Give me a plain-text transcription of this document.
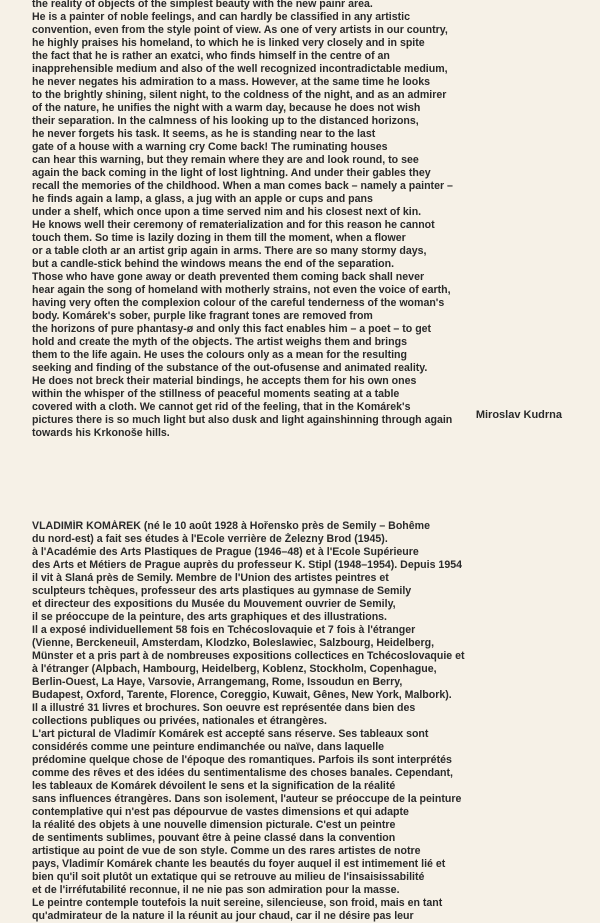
the reality of objects of the simplest beauty with the new painr area.
He is a painter of noble feelings, and can hardly be classified in any artistic
convention, even from the style point of view. As one of very artists in our country,
he highly praises his homeland, to which he is linked very closely and in spite
the fact that he is rather an exatci, who finds himself in the centre of an
inapprehensible medium and also of the well recognized incontradictable medium,
he never negates his admiration to a mass. However, at the same time he looks
to the brightly shining, silent night, to the coldness of the night, and as an admirer
of the nature, he unifies the night with a warm day, because he does not wish
their separation. In the calmness of his looking up to the distanced horizons,
he never forgets his task. It seems, as he is standing near to the last
gate of a house with a warning cry Come back! The ruminating houses
can hear this warning, but they remain where they are and look round, to see
again the back coming in the light of lost lightning. And under their gables they
recall the memories of the childhood. When a man comes back – namely a painter –
he finds again a lamp, a glass, a jug with an apple or cups and pans
under a shelf, which once upon a time served nim and his closest next of kin.
He knows well their ceremony of rematerialization and for this reason he cannot
touch them. So time is lazily dozing in them till the moment, when a flower
or a table cloth ar an artist grip again in arms. There are so many stormy days,
but a candle-stick behind the windows means the end of the separation.
Those who have gone away or death prevented them coming back shall never
hear again the song of homeland with motherly strains, not even the voice of earth,
having very often the complexion colour of the careful tenderness of the woman's
body. Komárek's sober, purple like fragrant tones are removed from
the horizons of pure phantasy-ø and only this fact enables him – a poet – to get
hold and create the myth of the objects. The artist weighs them and brings
them to the life again. He uses the colours only as a mean for the resulting
seeking and finding of the substance of the out-ofusense and animated reality.
He does not breck their material bindings, he accepts them for his own ones
within the whisper of the stillness of peaceful moments seating at a table
covered with a cloth. We cannot get rid of the feeling, that in the Komárek's
pictures there is so much light but also dusk and light againshinning through again
towards his Krkonoše hills.
Miroslav Kudrna
VLADIMÍR KOMÁREK (né le 10 août 1928 à Hořensko près de Semily – Bohême
du nord-est) a fait ses études à l'Ecole verrière de Železny Brod (1945).
à l'Académie des Arts Plastiques de Prague (1946–48) et à l'Ecole Supérieure
des Arts et Métiers de Prague auprès du professeur K. Stipl (1948–1954). Depuis 1954
il vit à Slaná près de Semily. Membre de l'Union des artistes peintres et
sculpteurs tchèques, professeur des arts plastiques au gymnase de Semily
et directeur des expositions du Musée du Mouvement ouvrier de Semily,
il se préoccupe de la peinture, des arts graphiques et des illustrations.
Il a exposé individuellement 58 fois en Tchécoslovaquie et 7 fois à l'étranger
(Vienne, Berckeneuil, Amsterdam, Klodzko, Boleslawiec, Salzbourg, Heidelberg,
Münster et a pris part à de nombreuses expositions collectices en Tchécoslovaquie et
à l'étranger (Alpbach, Hambourg, Heidelberg, Koblenz, Stockholm, Copenhague,
Berlin-Ouest, La Haye, Varsovie, Arrangemang, Rome, Issoudun en Berry,
Budapest, Oxford, Tarente, Florence, Coreggio, Kuwait, Gênes, New York, Malbork).
Il a illustré 31 livres et brochures. Son oeuvre est représentée dans bien des
collections publiques ou privées, nationales et étrangères.
L'art pictural de Vladimír Komárek est accepté sans réserve. Ses tableaux sont
considérés comme une peinture endimanchée ou naïve, dans laquelle
prédomine quelque chose de l'époque des romantiques. Parfois ils sont interprétés
comme des rêves et des idées du sentimentalisme des choses banales. Cependant,
les tableaux de Komárek dévoilent le sens et la signification de la réalité
sans influences étrangères. Dans son isolement, l'auteur se préoccupe de la peinture
contemplative qui n'est pas dépourvue de vastes dimensions et qui adapte
la réalité des objets à une nouvelle dimension picturale. C'est un peintre
de sentiments sublimes, pouvant être à peine classé dans la convention
artistique au point de vue de son style. Comme un des rares artistes de notre
pays, Vladimír Komárek chante les beautés du foyer auquel il est intimement lié et
bien qu'il soit plutôt un extatique qui se retrouve au milieu de l'insaisissabilité
et de l'irréfutabilité reconnue, il ne nie pas son admiration pour la masse.
Le peintre contemple toutefois la nuit sereine, silencieuse, son froid, mais en tant
qu'admirateur de la nature il la réunit au jour chaud, car il ne désire pas leur
